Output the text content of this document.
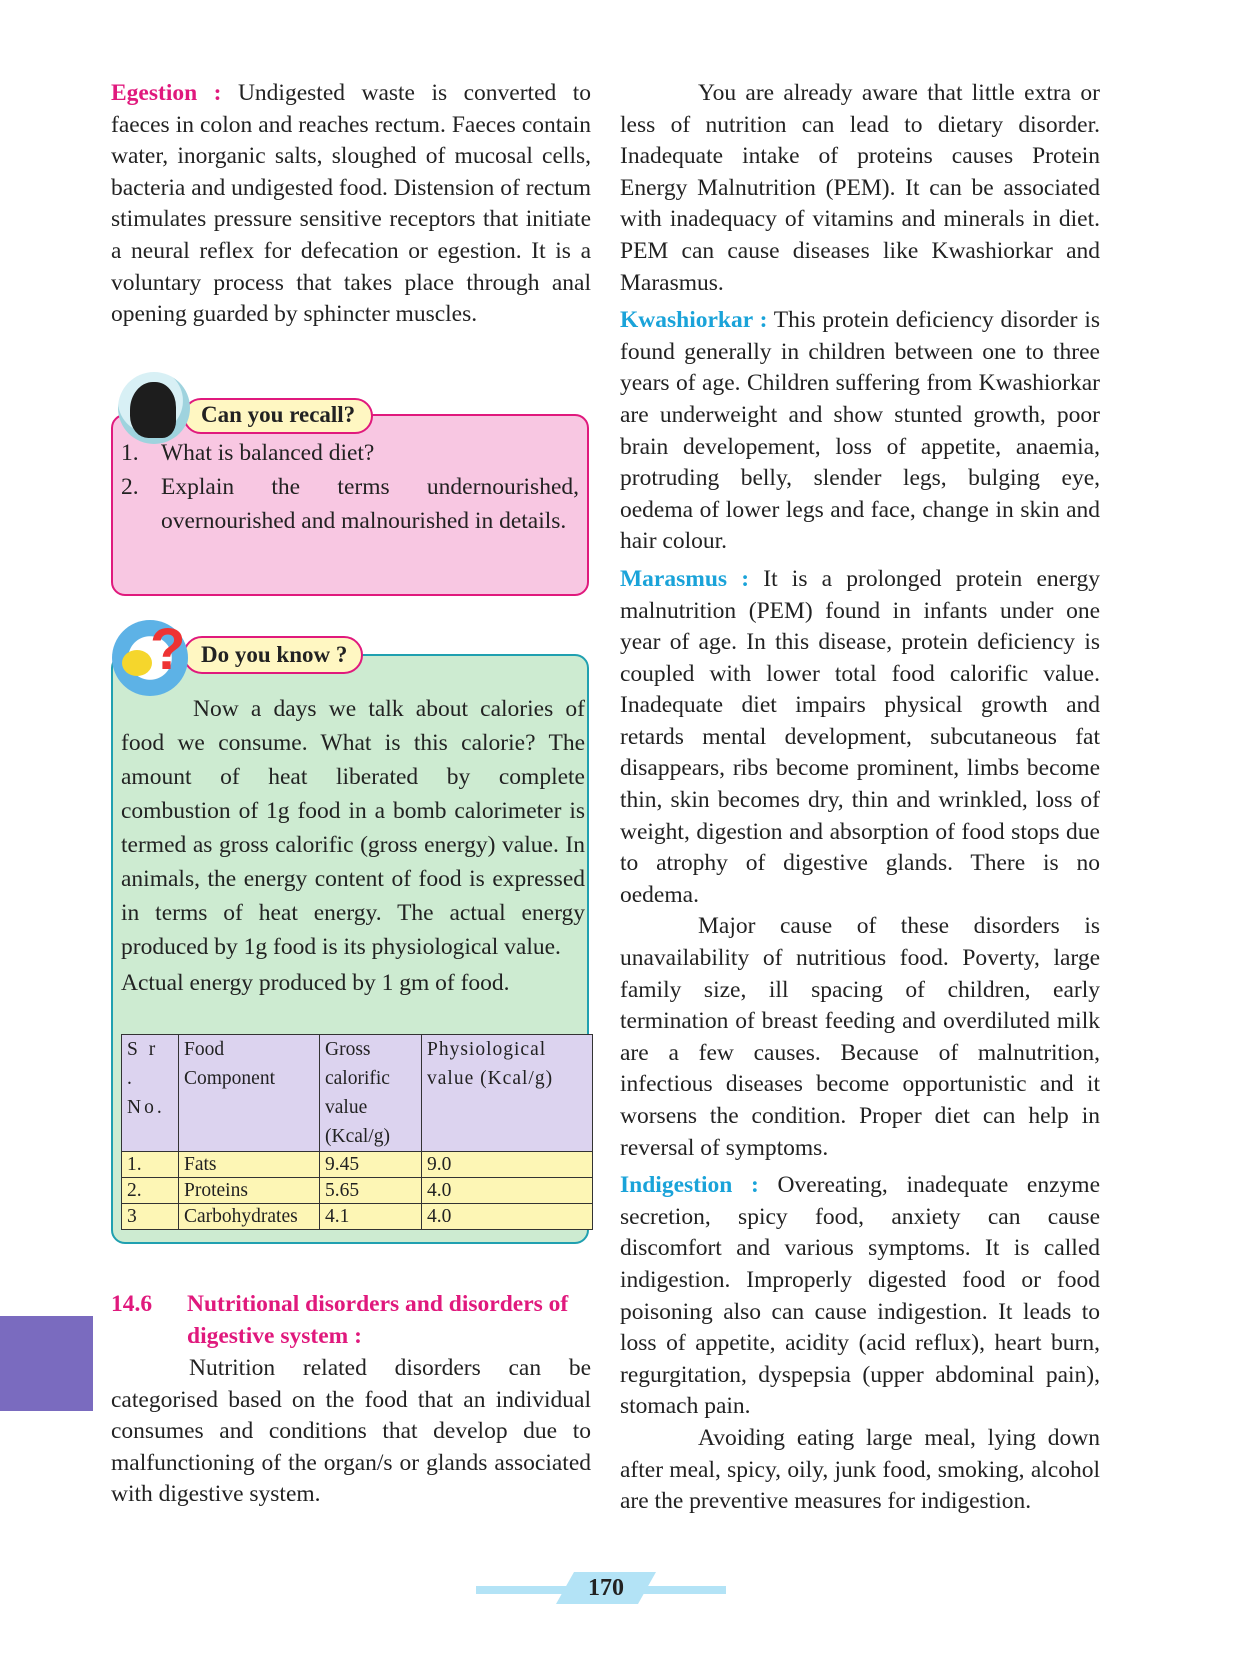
Egestion : Undigested waste is converted to faeces in colon and reaches rectum. Faeces contain water, inorganic salts, sloughed of mucosal cells, bacteria and undigested food. Distension of rectum stimulates pressure sensitive receptors that initiate a neural reflex for defecation or egestion. It is a voluntary process that takes place through anal opening guarded by sphincter muscles.

Can you recall?
1. What is balanced diet?
2. Explain the terms undernourished, overnourished and malnourished in details.
Do you know ?

Now a days we talk about calories of food we consume. What is this calorie? The amount of heat liberated by complete combustion of 1g food in a bomb calorimeter is termed as gross calorific (gross energy) value. In animals, the energy content of food is expressed in terms of heat energy. The actual energy produced by 1g food is its physiological value.

Actual energy produced by 1 gm of food.

S r . No.	Food Component	Gross calorific value (Kcal/g)	Physiological value (Kcal/g)
1.	Fats	9.45	9.0
2.	Proteins	5.65	4.0
3	Carbohydrates	4.1	4.0
?
14.6 Nutritional disorders and disorders of digestive system :

Nutrition related disorders can be categorised based on the food that an individual consumes and conditions that develop due to malfunctioning of the organ/s or glands associated with digestive system.

You are already aware that little extra or less of nutrition can lead to dietary disorder. Inadequate intake of proteins causes Protein Energy Malnutrition (PEM). It can be associated with inadequacy of vitamins and minerals in diet. PEM can cause diseases like Kwashiorkar and Marasmus.

Kwashiorkar : This protein deficiency disorder is found generally in children between one to three years of age. Children suffering from Kwashiorkar are underweight and show stunted growth, poor brain developement, loss of appetite, anaemia, protruding belly, slender legs, bulging eye, oedema of lower legs and face, change in skin and hair colour.

Marasmus : It is a prolonged protein energy malnutrition (PEM) found in infants under one year of age. In this disease, protein deficiency is coupled with lower total food calorific value. Inadequate diet impairs physical growth and retards mental development, subcutaneous fat disappears, ribs become prominent, limbs become thin, skin becomes dry, thin and wrinkled, loss of weight, digestion and absorption of food stops due to atrophy of digestive glands. There is no oedema.

Major cause of these disorders is unavailability of nutritious food. Poverty, large family size, ill spacing of children, early termination of breast feeding and overdiluted milk are a few causes. Because of malnutrition, infectious diseases become opportunistic and it worsens the condition. Proper diet can help in reversal of symptoms.

Indigestion : Overeating, inadequate enzyme secretion, spicy food, anxiety can cause discomfort and various symptoms. It is called indigestion. Improperly digested food or food poisoning also can cause indigestion. It leads to loss of appetite, acidity (acid reflux), heart burn, regurgitation, dyspepsia (upper abdominal pain), stomach pain.

Avoiding eating large meal, lying down after meal, spicy, oily, junk food, smoking, alcohol are the preventive measures for indigestion.

170
